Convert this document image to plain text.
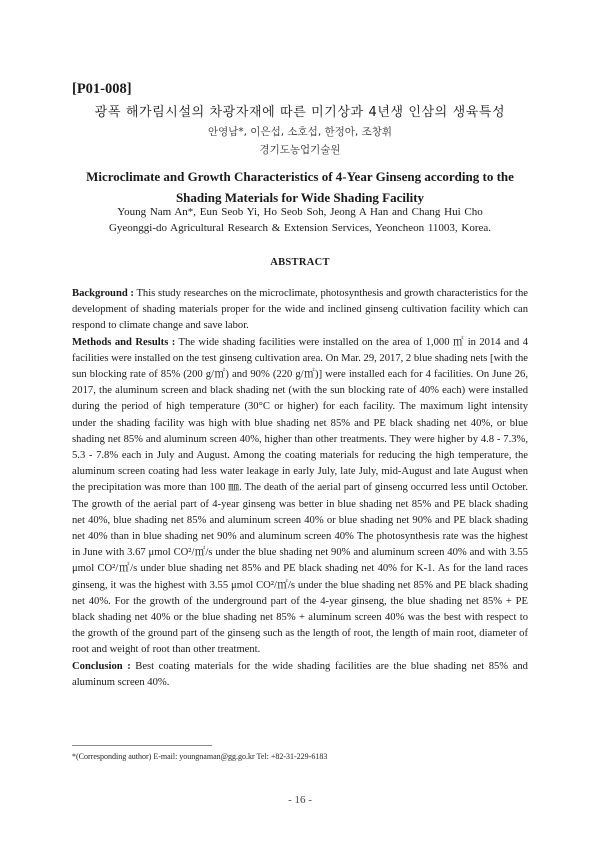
[P01-008]
광폭 해가림시설의 차광자재에 따른 미기상과 4년생 인삼의 생육특성
안영남*, 이은섭, 소호섭, 한정아, 조창휘
경기도농업기술원
Microclimate and Growth Characteristics of 4-Year Ginseng according to the Shading Materials for Wide Shading Facility
Young Nam An*, Eun Seob Yi, Ho Seob Soh, Jeong A Han and Chang Hui Cho
Gyeonggi-do Agricultural Research & Extension Services, Yeoncheon 11003, Korea.
ABSTRACT

Background : This study researches on the microclimate, photosynthesis and growth characteristics for the development of shading materials proper for the wide and inclined ginseng cultivation facility which can respond to climate change and save labor.

Methods and Results : The wide shading facilities were installed on the area of 1,000 ㎡ in 2014 and 4 facilities were installed on the test ginseng cultivation area. On Mar. 29, 2017, 2 blue shading nets [with the sun blocking rate of 85% (200 g/㎡) and 90% (220 g/㎡)] were installed each for 4 facilities. On June 26, 2017, the aluminum screen and black shading net (with the sun blocking rate of 40% each) were installed during the period of high temperature (30°C or higher) for each facility. The maximum light intensity under the shading facility was high with blue shading net 85% and PE black shading net 40%, or blue shading net 85% and aluminum screen 40%, higher than other treatments. They were higher by 4.8 - 7.3%, 5.3 - 7.8% each in July and August. Among the coating materials for reducing the high temperature, the aluminum screen coating had less water leakage in early July, late July, mid-August and late August when the precipitation was more than 100 ㎜. The death of the aerial part of ginseng occurred less until October. The growth of the aerial part of 4-year ginseng was better in blue shading net 85% and PE black shading net 40%, blue shading net 85% and aluminum screen 40% or blue shading net 90% and PE black shading net 40% than in blue shading net 90% and aluminum screen 40% The photosynthesis rate was the highest in June with 3.67 μmol CO²/㎡/s under the blue shading net 90% and aluminum screen 40% and with 3.55 μmol CO²/㎡/s under blue shading net 85% and PE black shading net 40% for K-1. As for the land races ginseng, it was the highest with 3.55 μmol CO²/㎡/s under the blue shading net 85% and PE black shading net 40%. For the growth of the underground part of the 4-year ginseng, the blue shading net 85% + PE black shading net 40% or the blue shading net 85% + aluminum screen 40% was the best with respect to the growth of the ground part of the ginseng such as the length of root, the length of main root, diameter of root and weight of root than other treatment.

Conclusion : Best coating materials for the wide shading facilities are the blue shading net 85% and aluminum screen 40%.

*(Corresponding author) E-mail: youngnaman@gg.go.kr Tel: +82-31-229-6183
- 16 -
